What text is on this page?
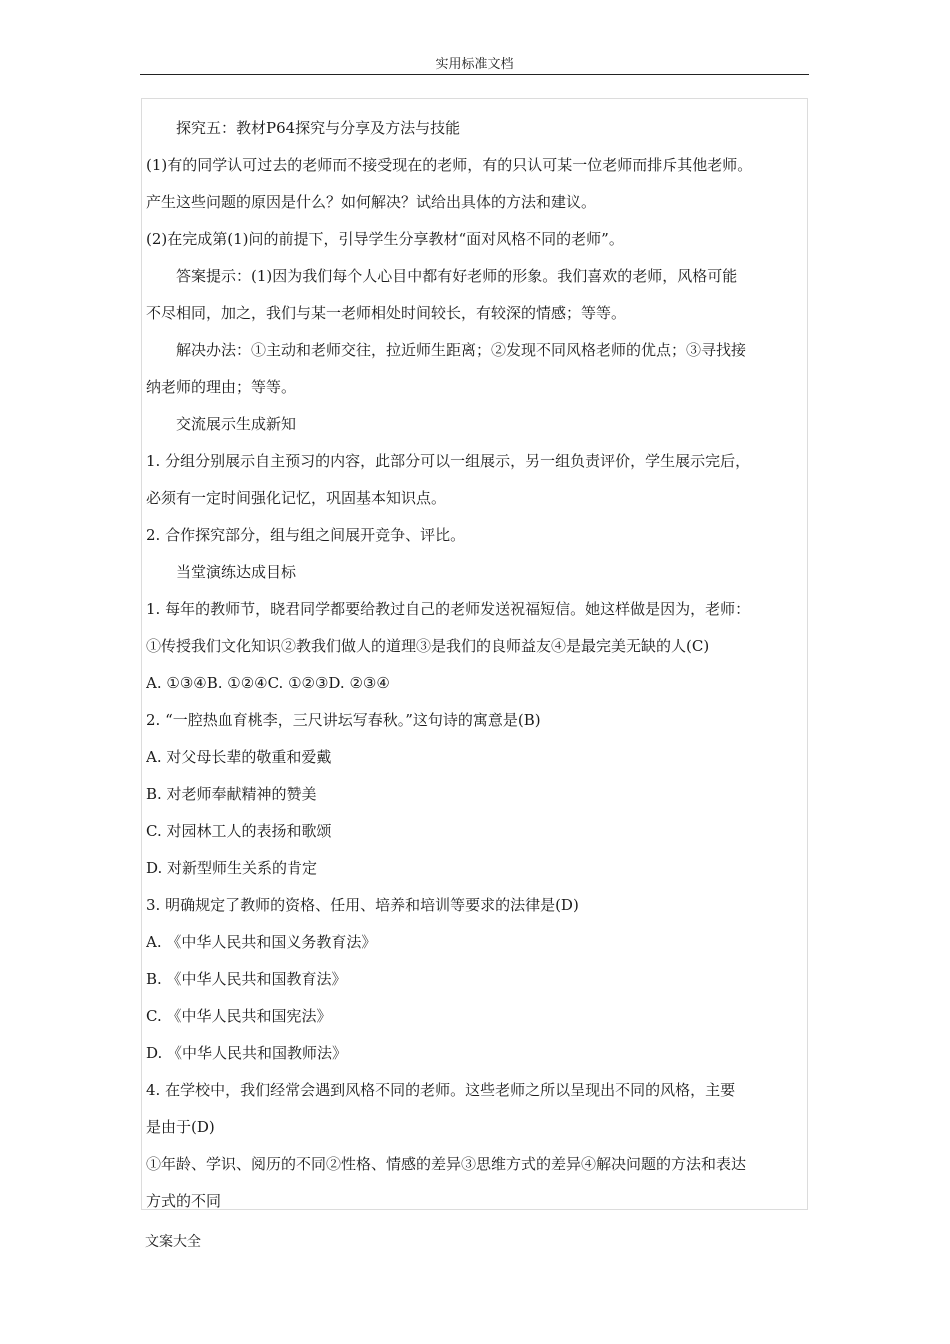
实用标准文档
探究五：教材P64探究与分享及方法与技能
(1)有的同学认可过去的老师而不接受现在的老师，有的只认可某一位老师而排斥其他老师。
产生这些问题的原因是什么？如何解决？试给出具体的方法和建议。
(2)在完成第(1)问的前提下，引导学生分享教材“面对风格不同的老师”。
答案提示：(1)因为我们每个人心目中都有好老师的形象。我们喜欢的老师，风格可能
不尽相同，加之，我们与某一老师相处时间较长，有较深的情感；等等。
解决办法：①主动和老师交往，拉近师生距离；②发现不同风格老师的优点；③寻找接
纳老师的理由；等等。
交流展示生成新知
1. 分组分别展示自主预习的内容，此部分可以一组展示，另一组负责评价，学生展示完后，
必须有一定时间强化记忆，巩固基本知识点。
2. 合作探究部分，组与组之间展开竞争、评比。
当堂演练达成目标
1. 每年的教师节，晓君同学都要给教过自己的老师发送祝福短信。她这样做是因为，老师：
①传授我们文化知识②教我们做人的道理③是我们的良师益友④是最完美无缺的人(C)
A. ①③④B. ①②④C. ①②③D. ②③④
2. “一腔热血育桃李，三尺讲坛写春秋。”这句诗的寓意是(B)
A. 对父母长辈的敬重和爱戴
B. 对老师奉献精神的赞美
C. 对园林工人的表扬和歌颂
D. 对新型师生关系的肯定
3. 明确规定了教师的资格、任用、培养和培训等要求的法律是(D)
A. 《中华人民共和国义务教育法》
B. 《中华人民共和国教育法》
C. 《中华人民共和国宪法》
D. 《中华人民共和国教师法》
4. 在学校中，我们经常会遇到风格不同的老师。这些老师之所以呈现出不同的风格，主要
是由于(D)
①年龄、学识、阅历的不同②性格、情感的差异③思维方式的差异④解决问题的方法和表达
方式的不同
文案大全
